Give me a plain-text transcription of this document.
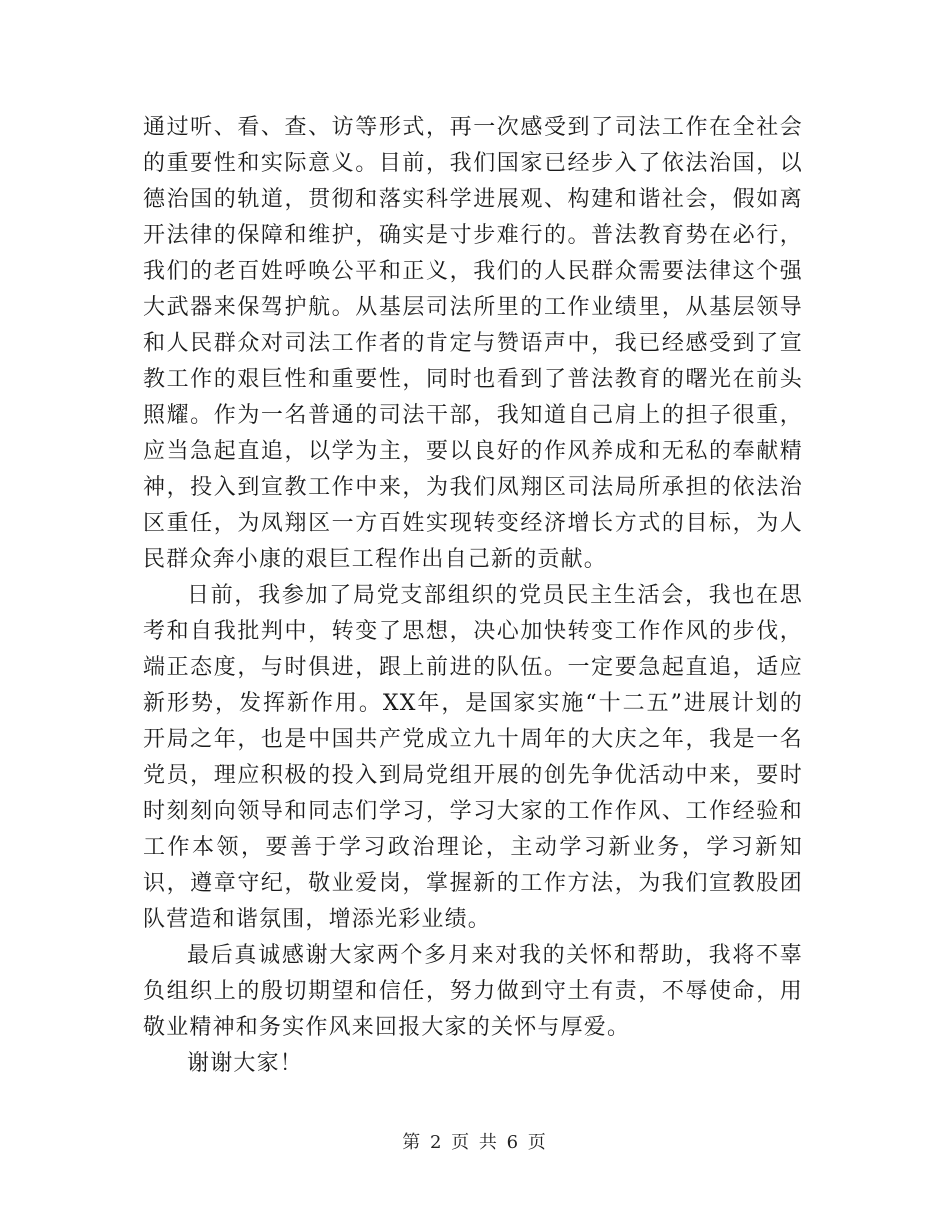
通过听、看、查、访等形式，再一次感受到了司法工作在全社会的重要性和实际意义。目前，我们国家已经步入了依法治国，以德治国的轨道，贯彻和落实科学进展观、构建和谐社会，假如离开法律的保障和维护，确实是寸步难行的。普法教育势在必行，我们的老百姓呼唤公平和正义，我们的人民群众需要法律这个强大武器来保驾护航。从基层司法所里的工作业绩里，从基层领导和人民群众对司法工作者的肯定与赞语声中，我已经感受到了宣教工作的艰巨性和重要性，同时也看到了普法教育的曙光在前头照耀。作为一名普通的司法干部，我知道自己肩上的担子很重，应当急起直追，以学为主，要以良好的作风养成和无私的奉献精神，投入到宣教工作中来，为我们凤翔区司法局所承担的依法治区重任，为凤翔区一方百姓实现转变经济增长方式的目标，为人民群众奔小康的艰巨工程作出自己新的贡献。

日前，我参加了局党支部组织的党员民主生活会，我也在思考和自我批判中，转变了思想，决心加快转变工作作风的步伐，端正态度，与时俱进，跟上前进的队伍。一定要急起直追，适应新形势，发挥新作用。XX年，是国家实施“十二五”进展计划的开局之年，也是中国共产党成立九十周年的大庆之年，我是一名党员，理应积极的投入到局党组开展的创先争优活动中来，要时时刻刻向领导和同志们学习，学习大家的工作作风、工作经验和工作本领，要善于学习政治理论，主动学习新业务，学习新知识，遵章守纪，敬业爱岗，掌握新的工作方法，为我们宣教股团队营造和谐氛围，增添光彩业绩。

最后真诚感谢大家两个多月来对我的关怀和帮助，我将不辜负组织上的殷切期望和信任，努力做到守土有责，不辱使命，用敬业精神和务实作风来回报大家的关怀与厚爱。

谢谢大家！

第 2 页 共 6 页
